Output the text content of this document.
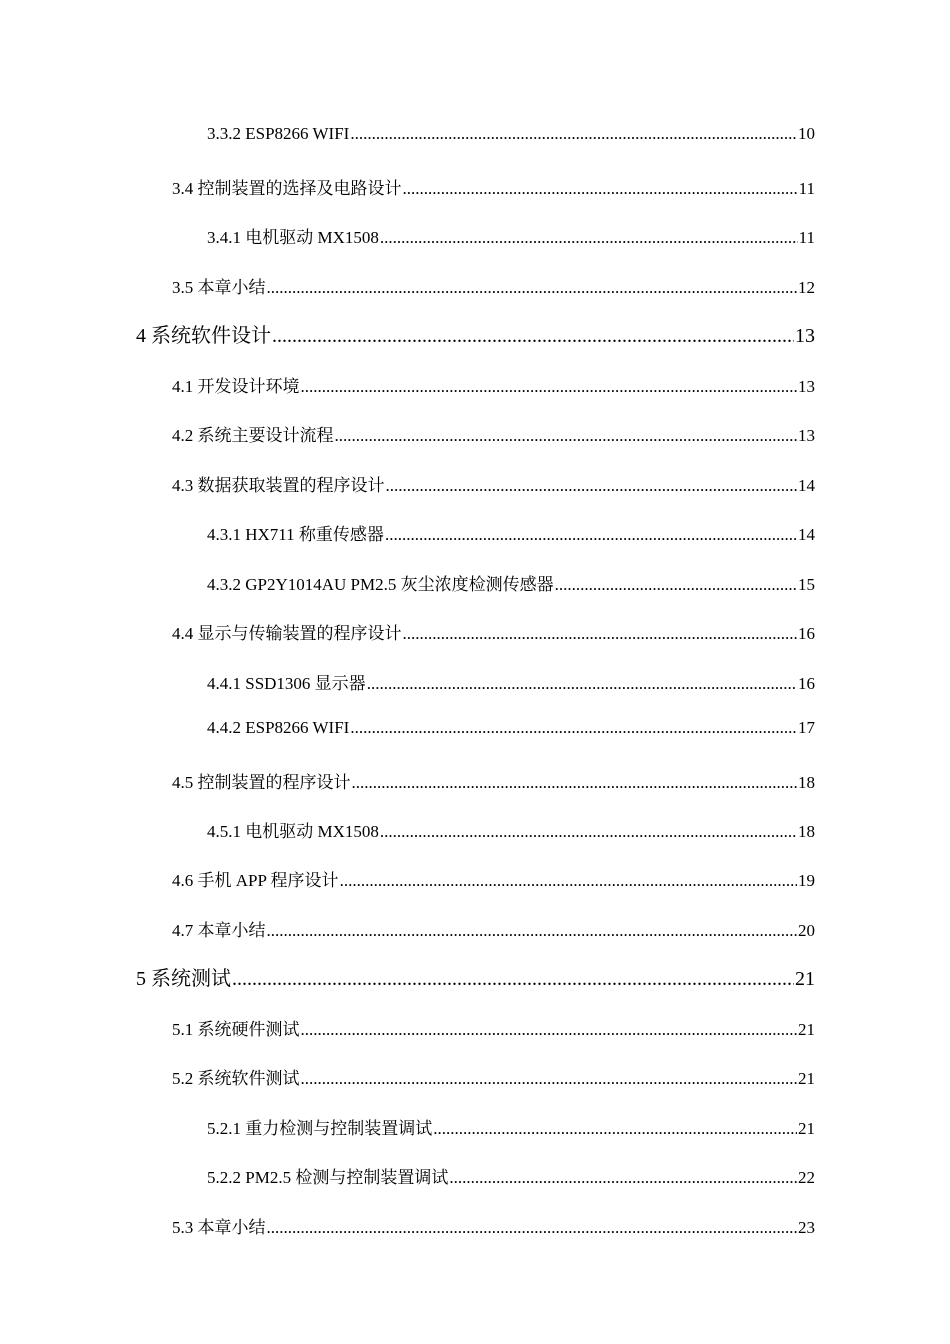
3.3.2 ESP8266 WIFI .....	10
3.4 控制装置的选择及电路设计 .....	11
3.4.1 电机驱动 MX1508 .....	11
3.5 本章小结 .....	12
4 系统软件设计 .....	13
4.1 开发设计环境 .....	13
4.2 系统主要设计流程 .....	13
4.3 数据获取装置的程序设计 .....	14
4.3.1 HX711 称重传感器 .....	14
4.3.2 GP2Y1014AU PM2.5 灰尘浓度检测传感器 .....	15
4.4 显示与传输装置的程序设计 .....	16
4.4.1 SSD1306 显示器 .....	16
4.4.2 ESP8266 WIFI .....	17
4.5 控制装置的程序设计 .....	18
4.5.1 电机驱动 MX1508 .....	18
4.6 手机 APP 程序设计 .....	19
4.7 本章小结 .....	20
5 系统测试 .....	21
5.1 系统硬件测试 .....	21
5.2 系统软件测试 .....	21
5.2.1 重力检测与控制装置调试 .....	21
5.2.2 PM2.5 检测与控制装置调试 .....	22
5.3 本章小结 .....	23
